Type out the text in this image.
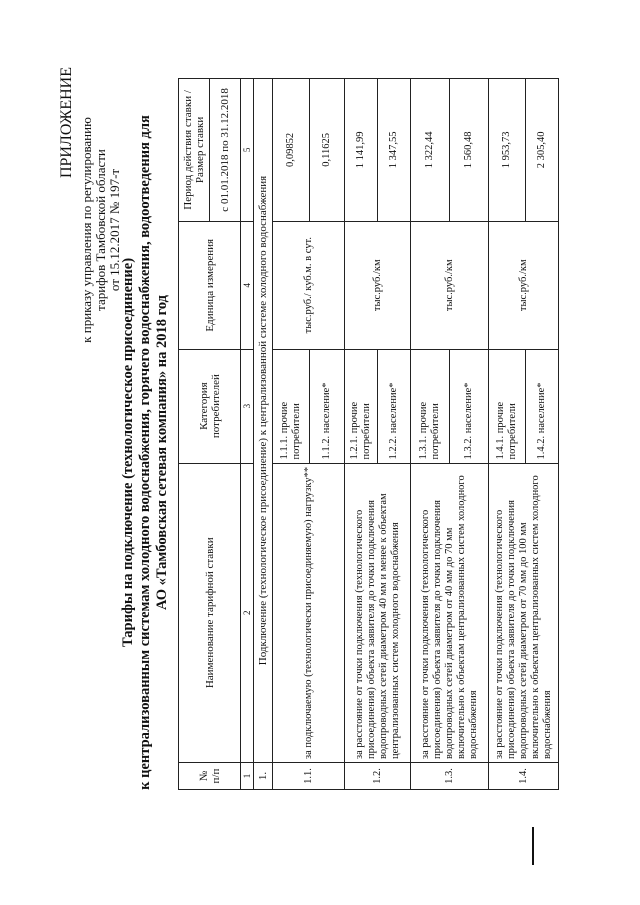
ПРИЛОЖЕНИЕ к приказу управления по регулированию тарифов Тамбовской области от 15.12.2017 № 197-т
Тарифы на подключение (технологическое присоединение) к централизованным системам холодного водоснабжения, горячего водоснабжения, водоотведения для АО «Тамбовская сетевая компания» на 2018 год
№ п/п	Наименование тарифной ставки	Категория потребителей	Единица измерения	Период действия ставки /Размер ставки
				с 01.01.2018 по 31.12.2018
1	2	3	4	5
1.	Подключение (технологическое присоединение) к централизованной системе холодного водоснабжения			
1.1.	за подключаемую (технологически присоединяемую) нагрузку**	1.1.1. прочие потребители	тыс.руб./ куб.м. в сут.	0,09852
		1.1.2. население*		0,11625
1.2.	за расстояние от точки подключения (технологического присоединения) объекта заявителя до точки подключения водопроводных сетей диаметром 40 мм и менее к объектам централизованных систем холодного водоснабжения	1.2.1. прочие потребители	тыс.руб./км	1 141,99
		1.2.2. население*		1 347,55
1.3.	за расстояние от точки подключения (технологического присоединения) объекта заявителя до точки подключения водопроводных сетей диаметром от 40 мм до 70 мм включительно к объектам централизованных систем холодного водоснабжения	1.3.1. прочие потребители	тыс.руб./км	1 322,44
		1.3.2. население*		1 560,48
1.4.	за расстояние от точки подключения (технологического присоединения) объекта заявителя до точки подключения водопроводных сетей диаметром от 70 мм до 100 мм включительно к объектам централизованных систем холодного водоснабжения	1.4.1. прочие потребители	тыс.руб./км	1 953,73
		1.4.2. население*		2 305,40
